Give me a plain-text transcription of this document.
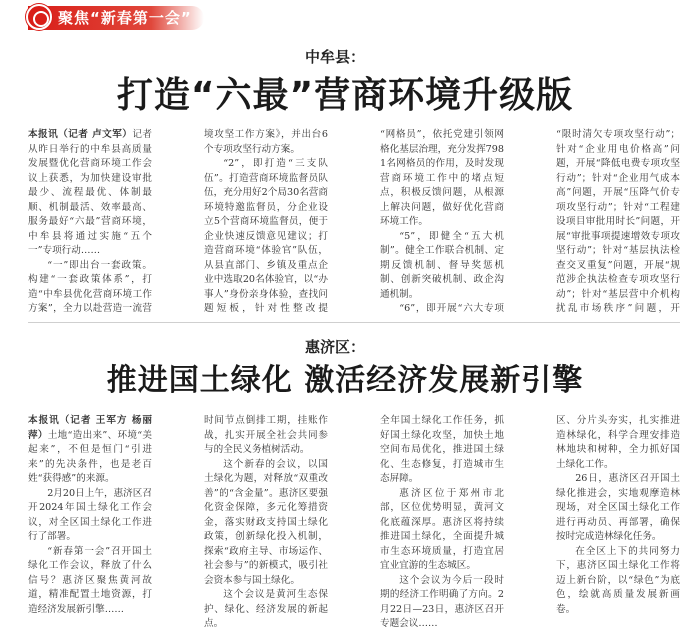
聚焦“新春第一会”
中牟县：
打造“六最”营商环境升级版

本报讯（记者 卢文军）记者从昨日举行的中牟县高质量发展暨优化营商环境工作会议上获悉，为加快建设审批最少、流程最优、体制最顺、机制最活、效率最高、服务最好“六最”营商环境，中牟县将通过实施“五个一”专项行动……

“一”即出台一套政策。构建“一套政策体系”，打造“中牟县优化营商环境工作方案”，全力以赴营造一流营

境攻坚工作方案》，并出台6个专项攻坚行动方案。

“2”，即打造“三支队伍”。打造营商环境监督员队伍，充分用好2个局30名营商环境特邀监督员，分企业设立5个营商环境监督员，便于企业快速反馈意见建议；打造营商环境“体验官”队伍，从县直部门、乡镇及重点企业中选取20名体验官，以“办事人”身份亲身体验，查找问题短板，针对性整改提

“网格员”，依托党建引领网格化基层治理，充分发挥7981名网格员的作用，及时发现营商环境工作中的堵点短点，积极反馈问题，从根源上解决问题，做好优化营商环境工作。

“5”，即健全“五大机制”。健全工作联合机制、定期反馈机制、督导奖惩机制、创新突破机制、政企沟通机制。

“6”，即开展“六大专项

“限时清欠专项攻坚行动”；针对“企业用电价格高”问题，开展“降低电费专项攻坚行动”；针对“企业用气成本高”问题，开展“压降气价专项攻坚行动”；针对“工程建设项目审批用时长”问题，开展“审批事项提速增效专项攻坚行动”；针对“基层执法检查交叉重复”问题，开展“规范涉企执法检查专项攻坚行动”；针对“基层营中介机构扰乱市场秩序”问题，开

惠济区：
推进国土绿化 激活经济发展新引擎

本报讯（记者 王军方 杨丽萍）土地“造出来”、环境“美起来”，不但是恒门“引进来”的先决条件，也是老百姓“获得感”的来源。

2月20日上午，惠济区召开2024年国土绿化工作会议，对全区国土绿化工作进行了部署。

“新春第一会”召开国土绿化工作会议，释放了什么信号？惠济区聚焦黄河故道，精准配置土地资源，打造经济发展新引擎……

时间节点倒排工期，挂账作战，扎实开展全社会共同参与的全民义务植树活动。

这个新春的会议，以国土绿化为题，对释放“双重改善”的“含金量”。惠济区要强化资金保障，多元化筹措资金，落实财政支持国土绿化政策，创新绿化投入机制，探索“政府主导、市场运作、社会参与”的新模式，吸引社会资本参与国土绿化。

这个会议是黄河生态保护、绿化、经济发展的新起点。

全年国土绿化工作任务，抓好国土绿化攻坚，加快土地空间布局优化，推进国土绿化、生态修复，打造城市生态屏障。

惠济区位于郑州市北部，区位优势明显，黄河文化底蕴深厚。惠济区将持续推进国土绿化，全面提升城市生态环境质量，打造宜居宜业宜游的生态城区。

这个会议为今后一段时期的经济工作明确了方向。2月22日—23日，惠济区召开专题会议……

区、分片头夯实，扎实推进造林绿化，科学合理安排造林地块和树种，全力抓好国土绿化工作。

26日，惠济区召开国土绿化推进会，实地观摩造林现场，对全区国土绿化工作进行再动员、再部署，确保按时完成造林绿化任务。

在全区上下的共同努力下，惠济区国土绿化工作将迈上新台阶，以“绿色”为底色，绘就高质量发展新画卷。
